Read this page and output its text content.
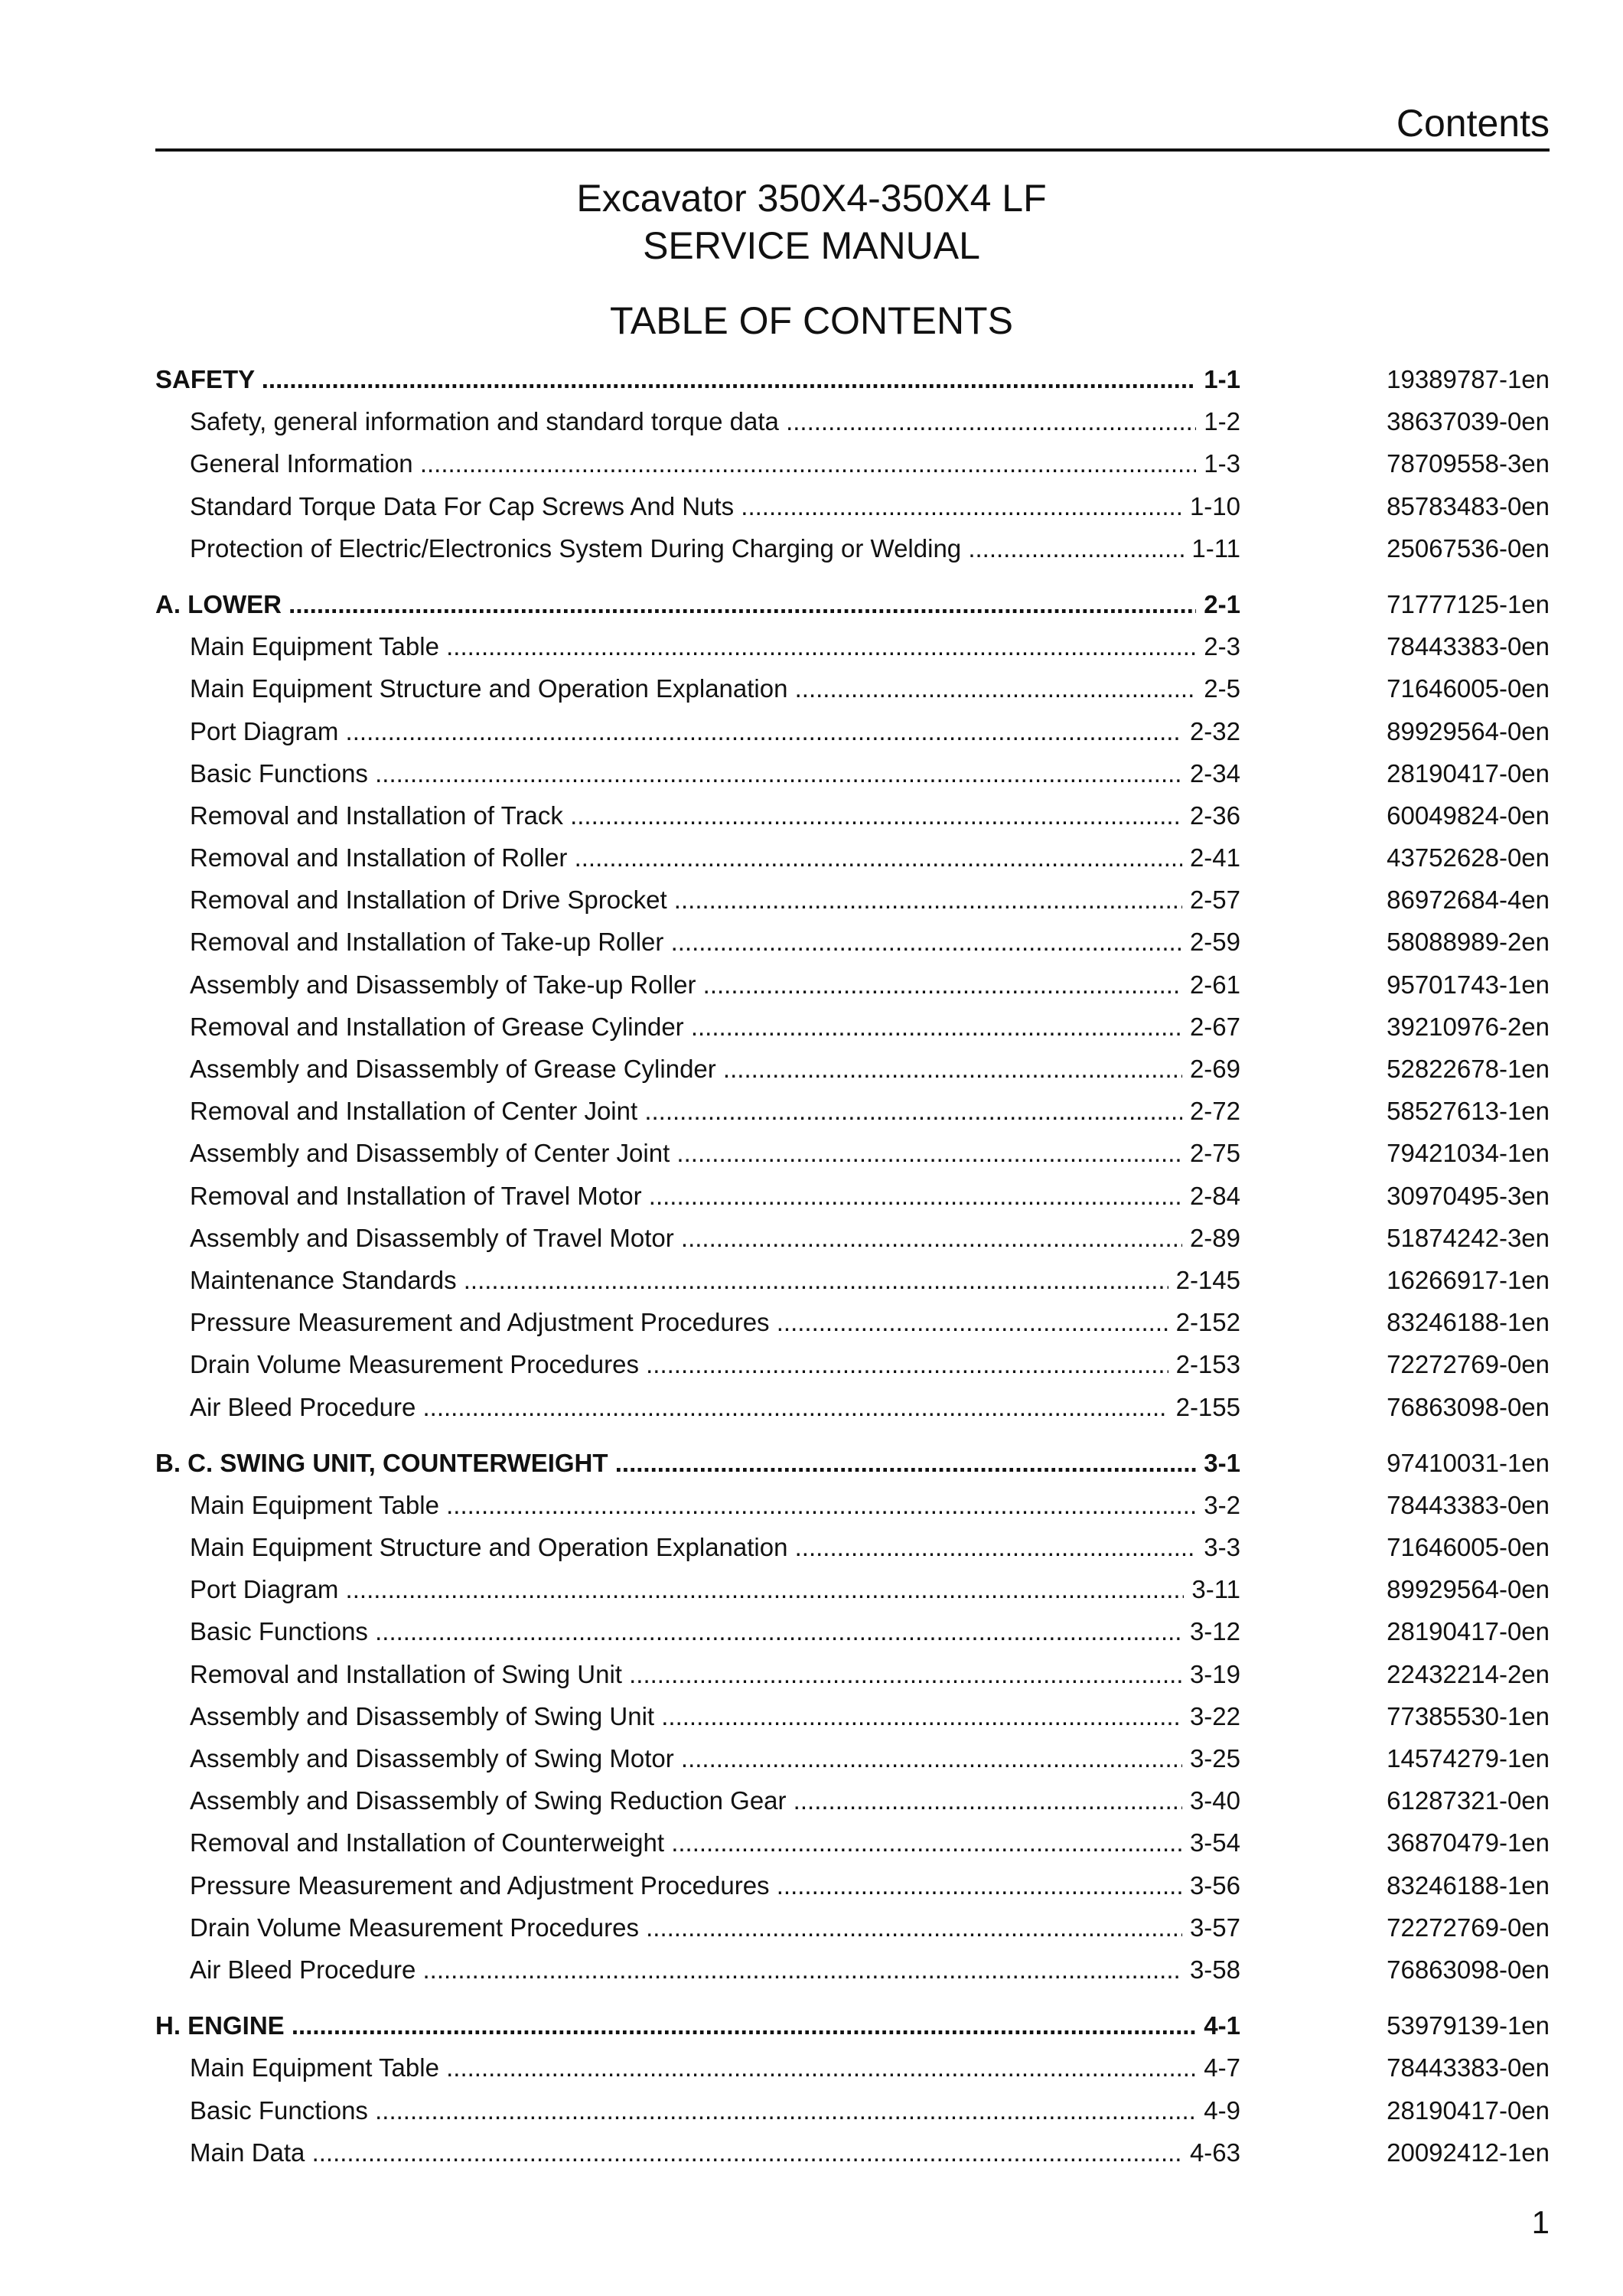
Contents
Excavator 350X4-350X4 LF
SERVICE MANUAL
TABLE OF CONTENTS
SAFETY .....	1-1	19389787-1en
Safety, general information and standard torque data .....	1-2	38637039-0en
General Information .....	1-3	78709558-3en
Standard Torque Data For Cap Screws And Nuts .....	1-10	85783483-0en
Protection of Electric/Electronics System During Charging or Welding .....	1-11	25067536-0en
A. LOWER .....	2-1	71777125-1en
Main Equipment Table .....	2-3	78443383-0en
Main Equipment Structure and Operation Explanation .....	2-5	71646005-0en
Port Diagram .....	2-32	89929564-0en
Basic Functions .....	2-34	28190417-0en
Removal and Installation of Track .....	2-36	60049824-0en
Removal and Installation of Roller .....	2-41	43752628-0en
Removal and Installation of Drive Sprocket .....	2-57	86972684-4en
Removal and Installation of Take-up Roller .....	2-59	58088989-2en
Assembly and Disassembly of Take-up Roller .....	2-61	95701743-1en
Removal and Installation of Grease Cylinder .....	2-67	39210976-2en
Assembly and Disassembly of Grease Cylinder .....	2-69	52822678-1en
Removal and Installation of Center Joint .....	2-72	58527613-1en
Assembly and Disassembly of Center Joint .....	2-75	79421034-1en
Removal and Installation of Travel Motor .....	2-84	30970495-3en
Assembly and Disassembly of Travel Motor .....	2-89	51874242-3en
Maintenance Standards .....	2-145	16266917-1en
Pressure Measurement and Adjustment Procedures .....	2-152	83246188-1en
Drain Volume Measurement Procedures .....	2-153	72272769-0en
Air Bleed Procedure .....	2-155	76863098-0en
B. C. SWING UNIT, COUNTERWEIGHT .....	3-1	97410031-1en
Main Equipment Table .....	3-2	78443383-0en
Main Equipment Structure and Operation Explanation .....	3-3	71646005-0en
Port Diagram .....	3-11	89929564-0en
Basic Functions .....	3-12	28190417-0en
Removal and Installation of Swing Unit .....	3-19	22432214-2en
Assembly and Disassembly of Swing Unit .....	3-22	77385530-1en
Assembly and Disassembly of Swing Motor .....	3-25	14574279-1en
Assembly and Disassembly of Swing Reduction Gear .....	3-40	61287321-0en
Removal and Installation of Counterweight .....	3-54	36870479-1en
Pressure Measurement and Adjustment Procedures .....	3-56	83246188-1en
Drain Volume Measurement Procedures .....	3-57	72272769-0en
Air Bleed Procedure .....	3-58	76863098-0en
H. ENGINE .....	4-1	53979139-1en
Main Equipment Table .....	4-7	78443383-0en
Basic Functions .....	4-9	28190417-0en
Main Data .....	4-63	20092412-1en
1
